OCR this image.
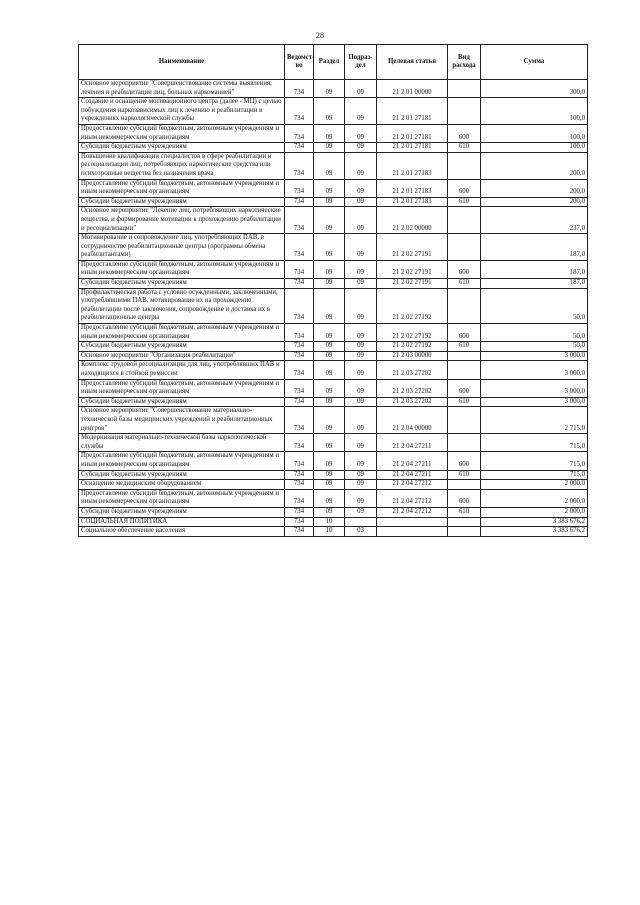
28
Наименование	Ведомст-во	Раздел	Подраз-дел	Целевая статья	Вид расхода	Сумма
Основное мероприятие "Совершенствование системы выявления, лечения и реабилитации лиц, больных наркоманией"	734	09	09	21 2 01 00000		300,0
Создание и оснащение мотивационного центра (далее - МЦ) с целью побуждения наркозависимых лиц к лечению и реабилитации в учреждениях наркологической службы	734	09	09	21 2 01 27181		100,0
Предоставление субсидий бюджетным, автономным учреждениям и иным некоммерческим организациям	734	09	09	21 2 01 27181	600	100,0
Субсидии бюджетным учреждениям	734	09	09	21 2 01 27181	610	100,0
Повышение квалификации специалистов в сфере реабилитации и ресоциализации лиц, потребляющих наркотические средства или психотропные вещества без назначения врача	734	09	09	21 2 01 27183		200,0
Предоставление субсидий бюджетным, автономным учреждениям и иным некоммерческим организациям	734	09	09	21 2 01 27183	600	200,0
Субсидии бюджетным учреждениям	734	09	09	21 2 01 27183	610	200,0
Основное мероприятие "Лечение лиц, потребляющих наркотические вещества, и формирование мотивации к прохождению реабилитации и ресоциализации"	734	09	09	21 2 02 00000		237,0
Мотивирование и сопровождение лиц, употребляющих ПАВ, в сотрудничестве реабилитационные центры (программы обмена реабилитантами)	734	09	09	21 2 02 27191		187,0
Предоставление субсидий бюджетным, автономным учреждениям и иным некоммерческим организациям	734	09	09	21 2 02 27191	600	187,0
Субсидии бюджетным учреждениям	734	09	09	21 2 02 27191	610	187,0
Профилактическая работа с условно осужденными, заключенными, употреблявшими ПАВ, мотивирование их на прохождение реабилитации после заключения, сопровождение и доставка их в реабилитационные центры	734	09	09	21 2 02 27192		50,0
Предоставление субсидий бюджетным, автономным учреждениям и иным некоммерческим организациям	734	09	09	21 2 02 27192	600	50,0
Субсидии бюджетным учреждениям	734	09	09	21 2 02 27192	610	50,0
Основное мероприятие "Организация реабилитации"	734	09	09	21 2 03 00000		3 000,0
Комплекс трудовой ресоциализации для лиц, употреблявших ПАВ и находящихся в стойкой ремиссии	734	09	09	21 2 03 27202		3 000,0
Предоставление субсидий бюджетным, автономным учреждениям и иным некоммерческим организациям	734	09	09	21 2 03 27202	600	3 000,0
Субсидии бюджетным учреждениям	734	09	09	21 2 03 27202	610	3 000,0
Основное мероприятие "Совершенствование материально-технической базы медицинских учреждений и реабилитационных центров"	734	09	09	21 2 04 00000		2 715,0
Модернизация материально-технической базы наркологической службы	734	09	09	21 2 04 27211		715,0
Предоставление субсидий бюджетным, автономным учреждениям и иным некоммерческим организациям	734	09	09	21 2 04 27211	600	715,0
Субсидии бюджетным учреждениям	734	09	09	21 2 04 27211	610	715,0
Оснащение медицинским оборудованием	734	09	09	21 2 04 27212		2 000,0
Предоставление субсидий бюджетным, автономным учреждениям и иным некоммерческим организациям	734	09	09	21 2 04 27212	600	2 000,0
Субсидии бюджетным учреждениям	734	09	09	21 2 04 27212	610	2 000,0
СОЦИАЛЬНАЯ ПОЛИТИКА	734	10				3 383 676,2
Социальное обеспечение населения	734	10	03			3 383 676,2
